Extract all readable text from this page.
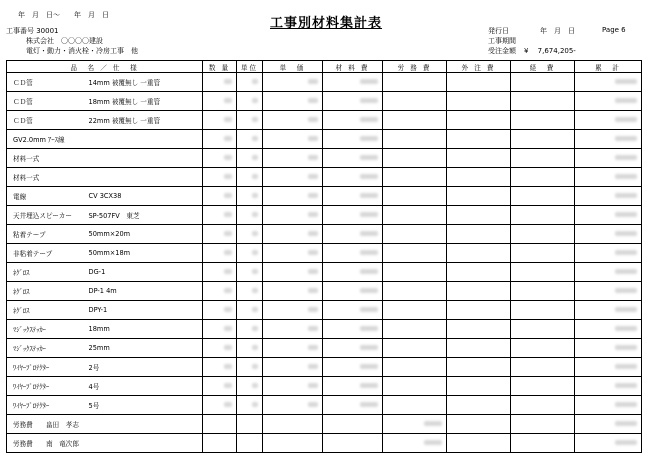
年　月　日～　　年　月　日
工事別材料集計表
工事番号 30001
株式会社　〇〇〇〇建設
電灯・動力・消火栓・冷房工事　他
発行日	年　月　日	Page 6
工事期間
受注金額 ¥　 7,674,205-
品　名 ／ 仕　様		数 量	単位	単　価	材 料 費	労 務 費	外 注 費	経　費	累　計
ＣＤ管	14mm 被覆無し 一重管								
ＣＤ管	18mm 被覆無し 一重管								
ＣＤ管	22mm 被覆無し 一重管								
GV2.0mm ｱｰｽ線									
材料一式									
材料一式									
電線	CV 3CX38								
天井埋込スピーカー	SP-507FV　東芝								
粘着テープ	50mm×20m								
非粘着テープ	50mm×18m								
ﾈｸﾞﾛｽ	DG-1								
ﾈｸﾞﾛｽ	DP-1 4m								
ﾈｸﾞﾛｽ	DPY-1								
ﾏｼﾞｯｸｽﾃｯｶｰ	18mm								
ﾏｼﾞｯｸｽﾃｯｶｰ	25mm								
ﾜｲﾔｰﾌﾟﾛﾃｸﾀｰ	2号								
ﾜｲﾔｰﾌﾟﾛﾃｸﾀｰ	4号								
ﾜｲﾔｰﾌﾟﾛﾃｸﾀｰ	5号								
労務費　　畠田　孝志									
労務費　　南　竜次郎									
